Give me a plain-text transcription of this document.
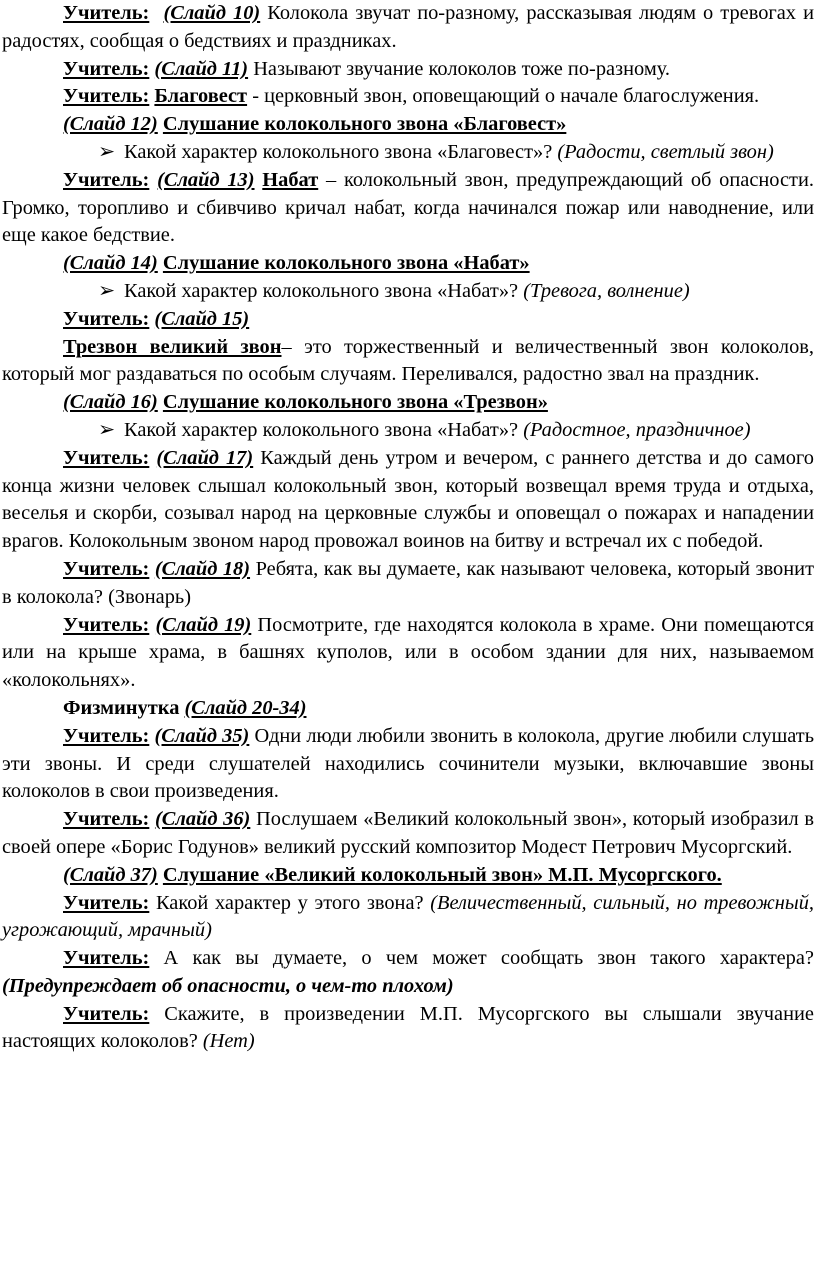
Учитель: (Слайд 10) Колокола звучат по-разному, рассказывая людям о тревогах и радостях, сообщая о бедствиях и праздниках.

Учитель: (Слайд 11) Называют звучание колоколов тоже по-разному.

Учитель: Благовест - церковный звон, оповещающий о начале благослужения.

(Слайд 12) Слушание колокольного звона «Благовест»

➢ Какой характер колокольного звона «Благовест»? (Радости, светлый звон)

Учитель: (Слайд 13) Набат – колокольный звон, предупреждающий об опасности. Громко, торопливо и сбивчиво кричал набат, когда начинался пожар или наводнение, или еще какое бедствие.

(Слайд 14) Слушание колокольного звона «Набат»

➢ Какой характер колокольного звона «Набат»? (Тревога, волнение)

Учитель: (Слайд 15)

Трезвон великий звон– это торжественный и величественный звон колоколов, который мог раздаваться по особым случаям. Переливался, радостно звал на праздник.

(Слайд 16) Слушание колокольного звона «Трезвон»

➢ Какой характер колокольного звона «Набат»? (Радостное, праздничное)

Учитель: (Слайд 17) Каждый день утром и вечером, с раннего детства и до самого конца жизни человек слышал колокольный звон, который возвещал время труда и отдыха, веселья и скорби, созывал народ на церковные службы и оповещал о пожарах и нападении врагов. Колокольным звоном народ провожал воинов на битву и встречал их с победой.

Учитель: (Слайд 18) Ребята, как вы думаете, как называют человека, который звонит в колокола? (Звонарь)

Учитель: (Слайд 19) Посмотрите, где находятся колокола в храме. Они помещаются или на крыше храма, в башнях куполов, или в особом здании для них, называемом «колокольнях».

Физминутка (Слайд 20-34)

Учитель: (Слайд 35) Одни люди любили звонить в колокола, другие любили слушать эти звоны. И среди слушателей находились сочинители музыки, включавшие звоны колоколов в свои произведения.

Учитель: (Слайд 36) Послушаем «Великий колокольный звон», который изобразил в своей опере «Борис Годунов» великий русский композитор Модест Петрович Мусоргский.

(Слайд 37) Слушание «Великий колокольный звон» М.П. Мусоргского.

Учитель: Какой характер у этого звона? (Величественный, сильный, но тревожный, угрожающий, мрачный)

Учитель: А как вы думаете, о чем может сообщать звон такого характера? (Предупреждает об опасности, о чем-то плохом)

Учитель: Скажите, в произведении М.П. Мусоргского вы слышали звучание настоящих колоколов? (Нет)
